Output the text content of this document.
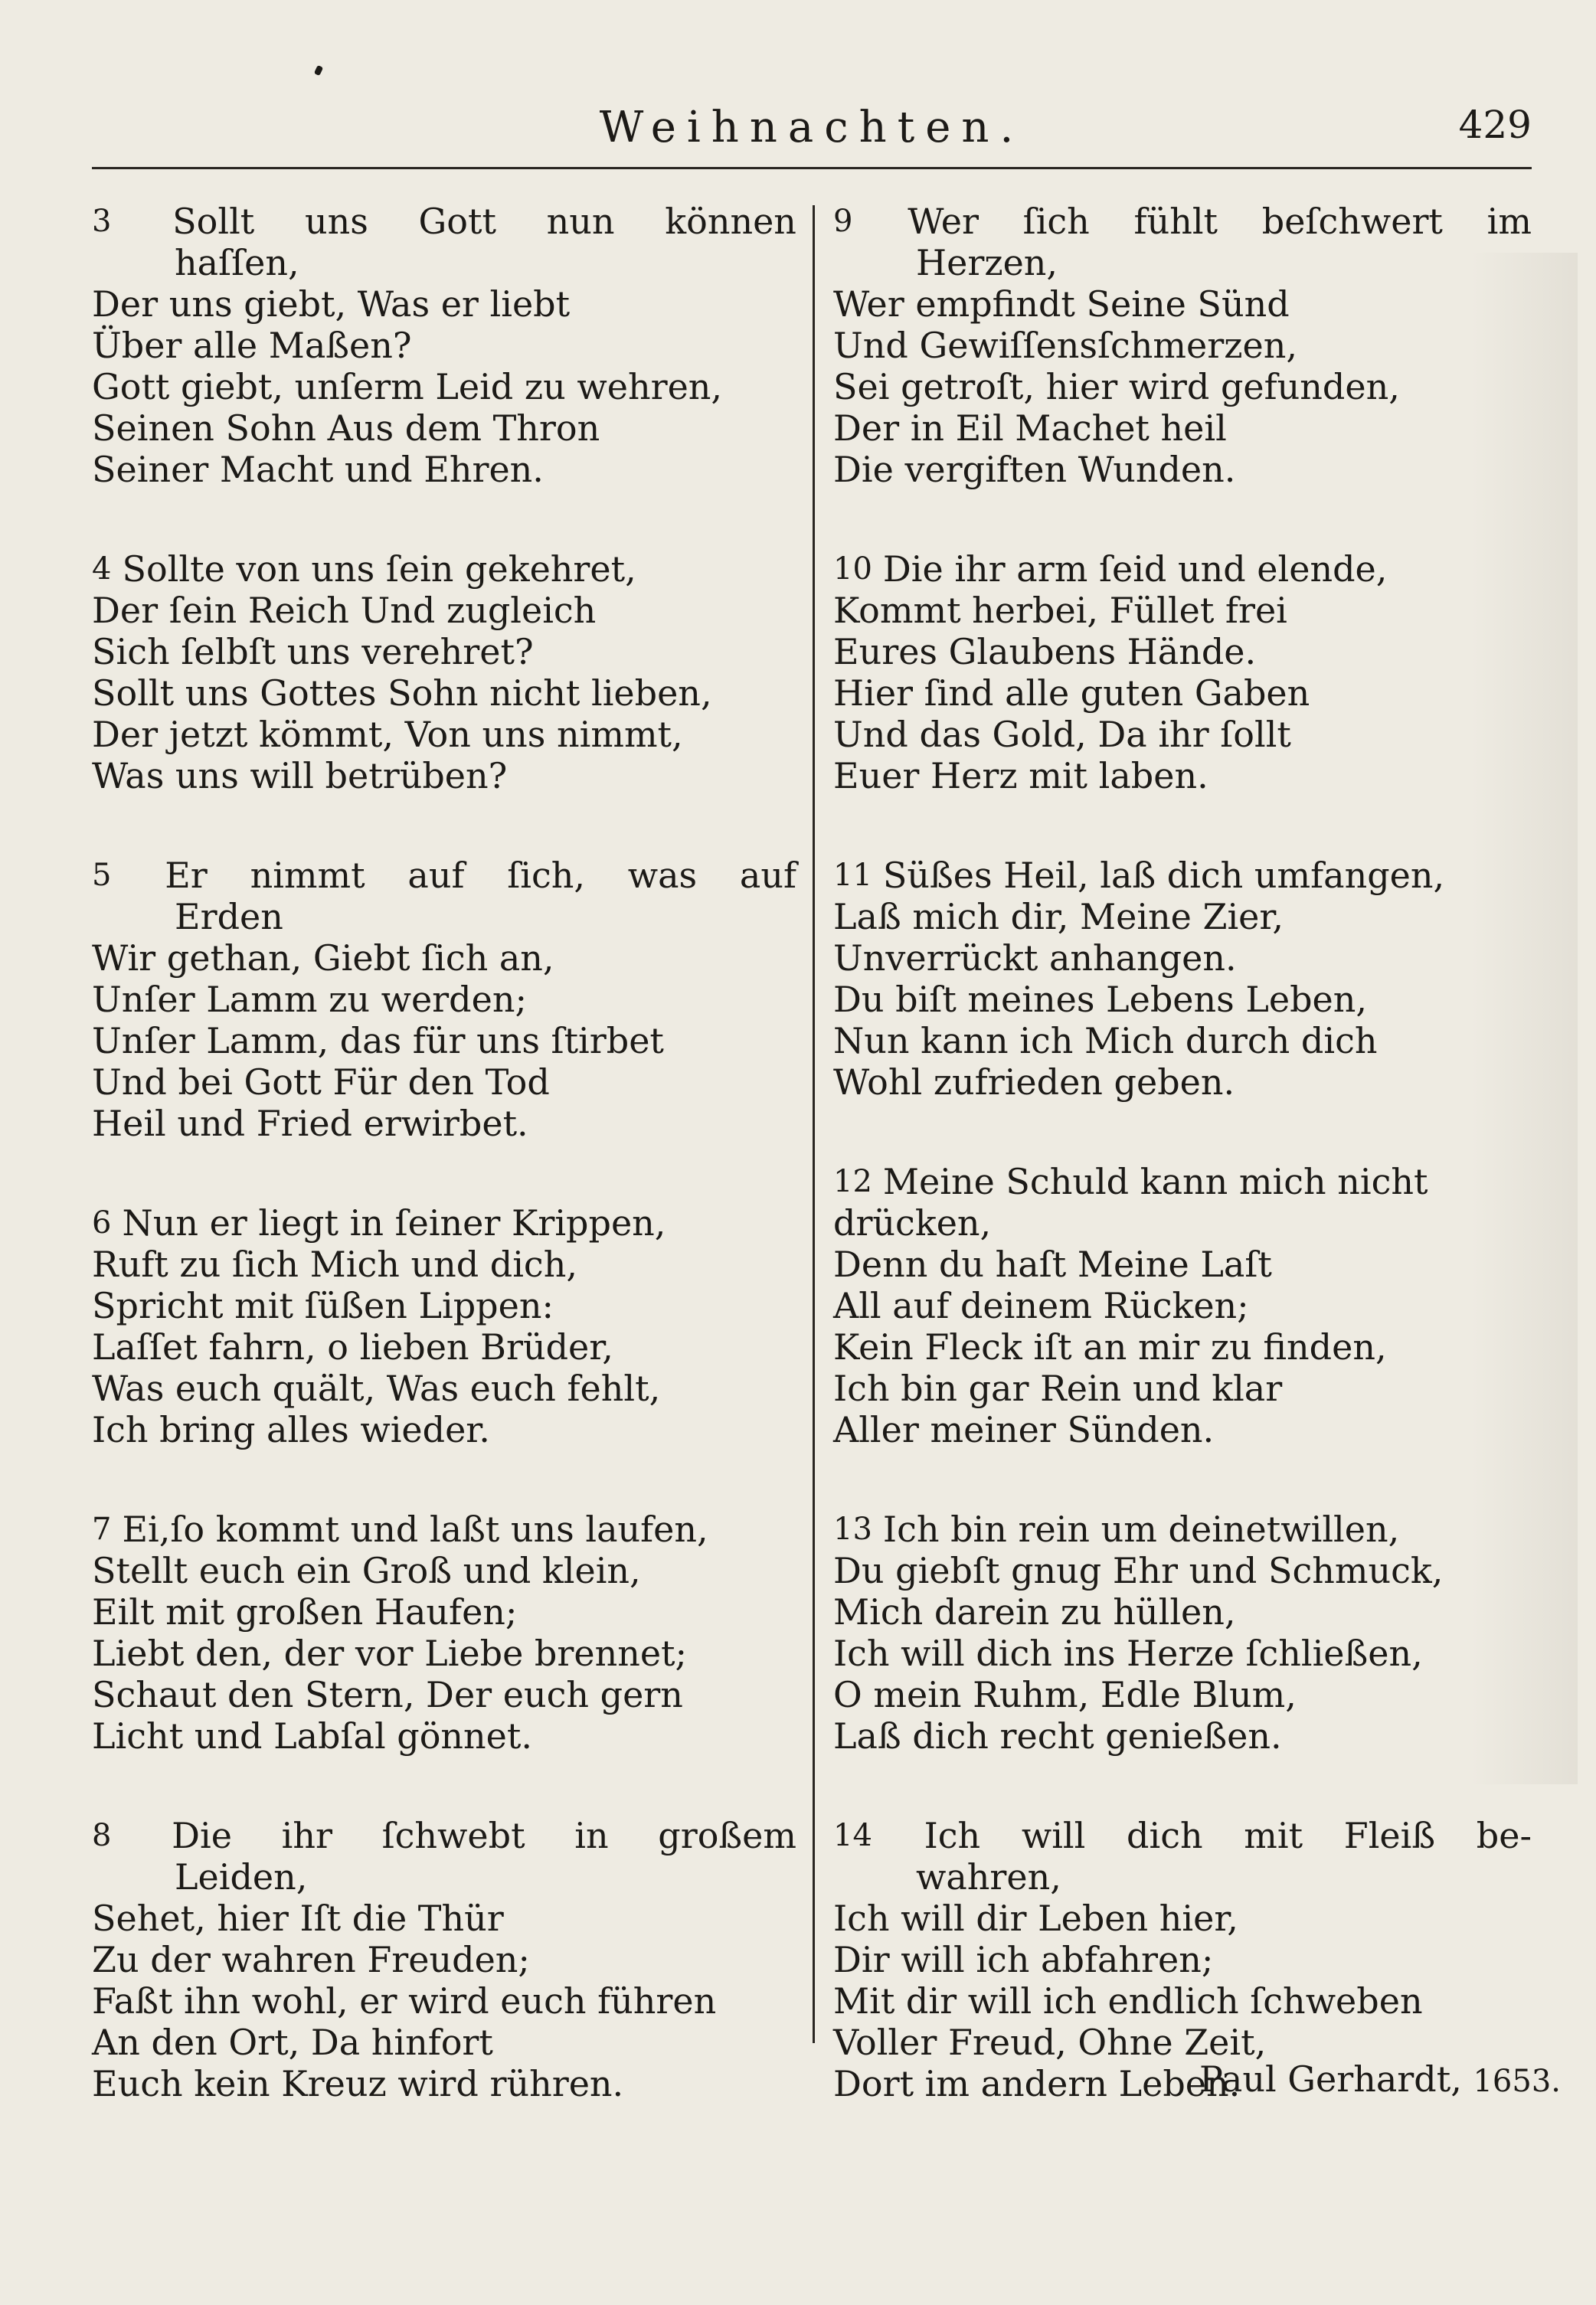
Weihnachten.	429
3 Sollt uns Gott nun können
haſſen,
Der uns giebt, Was er liebt
Über alle Maßen?
Gott giebt, unſerm Leid zu wehren,
Seinen Sohn Aus dem Thron
Seiner Macht und Ehren.
4 Sollte von uns ſein gekehret,
Der ſein Reich Und zugleich
Sich ſelbſt uns verehret?
Sollt uns Gottes Sohn nicht lieben,
Der jetzt kömmt, Von uns nimmt,
Was uns will betrüben?
5 Er nimmt auf ſich, was auf
Erden
Wir gethan, Giebt ſich an,
Unſer Lamm zu werden;
Unſer Lamm, das für uns ſtirbet
Und bei Gott Für den Tod
Heil und Fried erwirbet.
6 Nun er liegt in ſeiner Krippen,
Ruft zu ſich Mich und dich,
Spricht mit ſüßen Lippen:
Laſſet fahrn, o lieben Brüder,
Was euch quält, Was euch fehlt,
Ich bring alles wieder.
7 Ei,ſo kommt und laßt uns laufen,
Stellt euch ein Groß und klein,
Eilt mit großen Haufen;
Liebt den, der vor Liebe brennet;
Schaut den Stern, Der euch gern
Licht und Labſal gönnet.
8 Die ihr ſchwebt in großem
Leiden,
Sehet, hier Iſt die Thür
Zu der wahren Freuden;
Faßt ihn wohl, er wird euch führen
An den Ort, Da hinfort
Euch kein Kreuz wird rühren.
9 Wer ſich fühlt beſchwert im
Herzen,
Wer empfindt Seine Sünd
Und Gewiſſensſchmerzen,
Sei getroſt, hier wird gefunden,
Der in Eil Machet heil
Die vergiften Wunden.
10 Die ihr arm ſeid und elende,
Kommt herbei, Füllet frei
Eures Glaubens Hände.
Hier ſind alle guten Gaben
Und das Gold, Da ihr ſollt
Euer Herz mit laben.
11 Süßes Heil, laß dich umfangen,
Laß mich dir, Meine Zier,
Unverrückt anhangen.
Du biſt meines Lebens Leben,
Nun kann ich Mich durch dich
Wohl zufrieden geben.
12 Meine Schuld kann mich nicht
drücken,
Denn du haſt Meine Laſt
All auf deinem Rücken;
Kein Fleck iſt an mir zu finden,
Ich bin gar Rein und klar
Aller meiner Sünden.
13 Ich bin rein um deinetwillen,
Du giebſt gnug Ehr und Schmuck,
Mich darein zu hüllen,
Ich will dich ins Herze ſchließen,
O mein Ruhm, Edle Blum,
Laß dich recht genießen.
14 Ich will dich mit Fleiß be-
wahren,
Ich will dir Leben hier,
Dir will ich abfahren;
Mit dir will ich endlich ſchweben
Voller Freud, Ohne Zeit,
Dort im andern Leben.
Paul Gerhardt, 1653.
